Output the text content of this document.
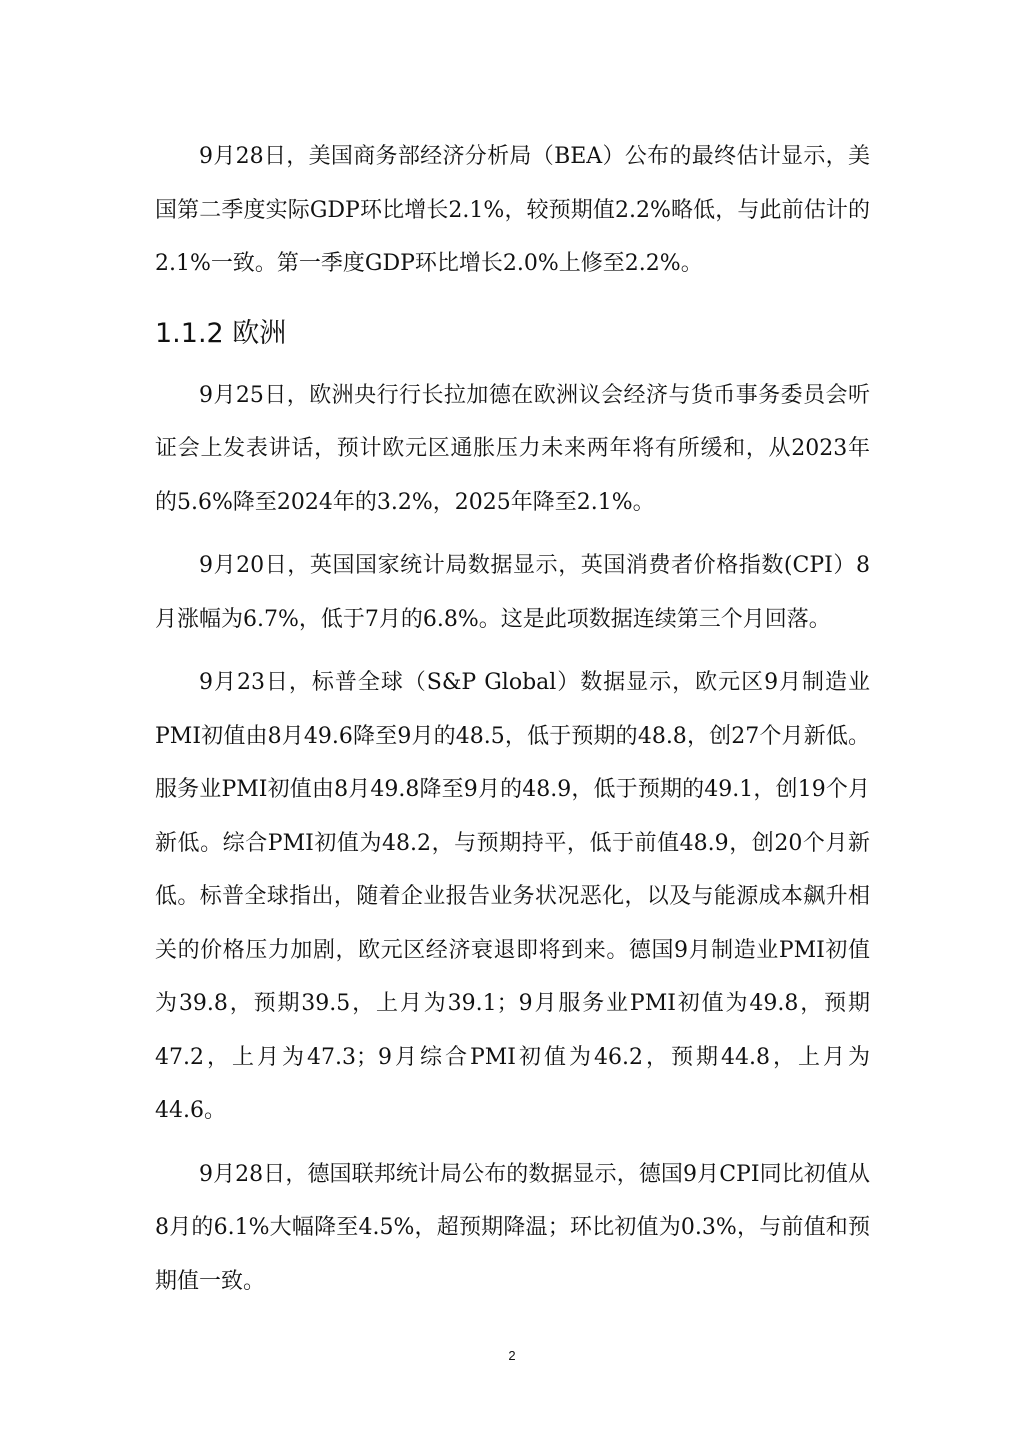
9月28日，美国商务部经济分析局（BEA）公布的最终估计显示，美国第二季度实际GDP环比增长2.1%，较预期值2.2%略低，与此前估计的2.1%一致。第一季度GDP环比增长2.0%上修至2.2%。

1.1.2 欧洲

9月25日，欧洲央行行长拉加德在欧洲议会经济与货币事务委员会听证会上发表讲话，预计欧元区通胀压力未来两年将有所缓和，从2023年的5.6%降至2024年的3.2%，2025年降至2.1%。

9月20日，英国国家统计局数据显示，英国消费者价格指数(CPI）8月涨幅为6.7%，低于7月的6.8%。这是此项数据连续第三个月回落。

9月23日，标普全球（S&P Global）数据显示，欧元区9月制造业PMI初值由8月49.6降至9月的48.5，低于预期的48.8，创27个月新低。服务业PMI初值由8月49.8降至9月的48.9，低于预期的49.1，创19个月新低。综合PMI初值为48.2，与预期持平，低于前值48.9，创20个月新低。标普全球指出，随着企业报告业务状况恶化，以及与能源成本飙升相关的价格压力加剧，欧元区经济衰退即将到来。德国9月制造业PMI初值为39.8，预期39.5，上月为39.1；9月服务业PMI初值为49.8，预期47.2，上月为47.3；9月综合PMI初值为46.2，预期44.8，上月为44.6。

9月28日，德国联邦统计局公布的数据显示，德国9月CPI同比初值从8月的6.1%大幅降至4.5%，超预期降温；环比初值为0.3%，与前值和预期值一致。

2
